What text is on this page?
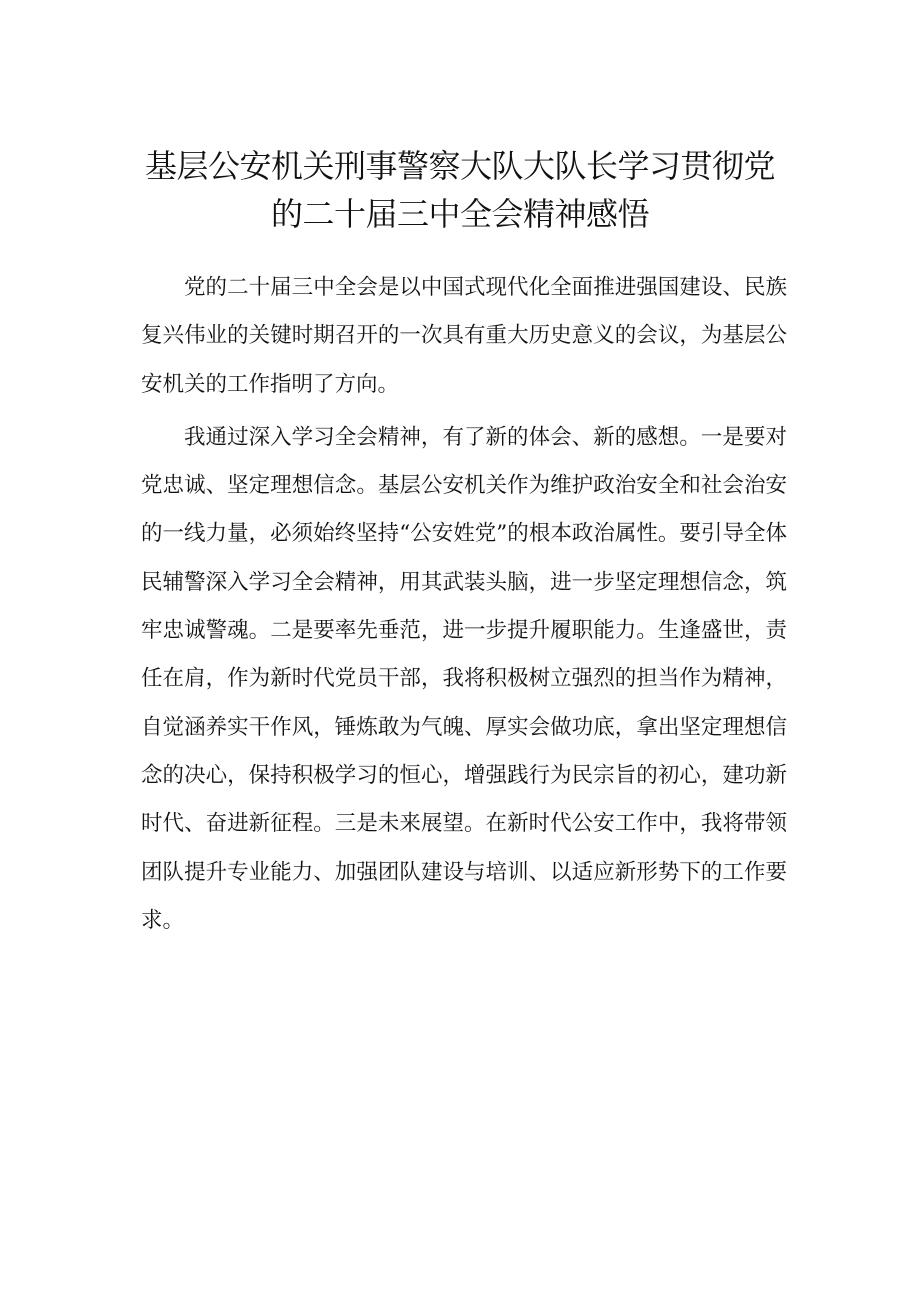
基层公安机关刑事警察大队大队长学习贯彻党
的二十届三中全会精神感悟

党的二十届三中全会是以中国式现代化全面推进强国建设、民族复兴伟业的关键时期召开的一次具有重大历史意义的会议，为基层公安机关的工作指明了方向。

我通过深入学习全会精神，有了新的体会、新的感想。一是要对党忠诚、坚定理想信念。基层公安机关作为维护政治安全和社会治安的一线力量，必须始终坚持“公安姓党”的根本政治属性。要引导全体民辅警深入学习全会精神，用其武装头脑，进一步坚定理想信念，筑牢忠诚警魂。二是要率先垂范，进一步提升履职能力。生逢盛世，责任在肩，作为新时代党员干部，我将积极树立强烈的担当作为精神，自觉涵养实干作风，锤炼敢为气魄、厚实会做功底，拿出坚定理想信念的决心，保持积极学习的恒心，增强践行为民宗旨的初心，建功新时代、奋进新征程。三是未来展望。在新时代公安工作中，我将带领团队提升专业能力、加强团队建设与培训、以适应新形势下的工作要求。
